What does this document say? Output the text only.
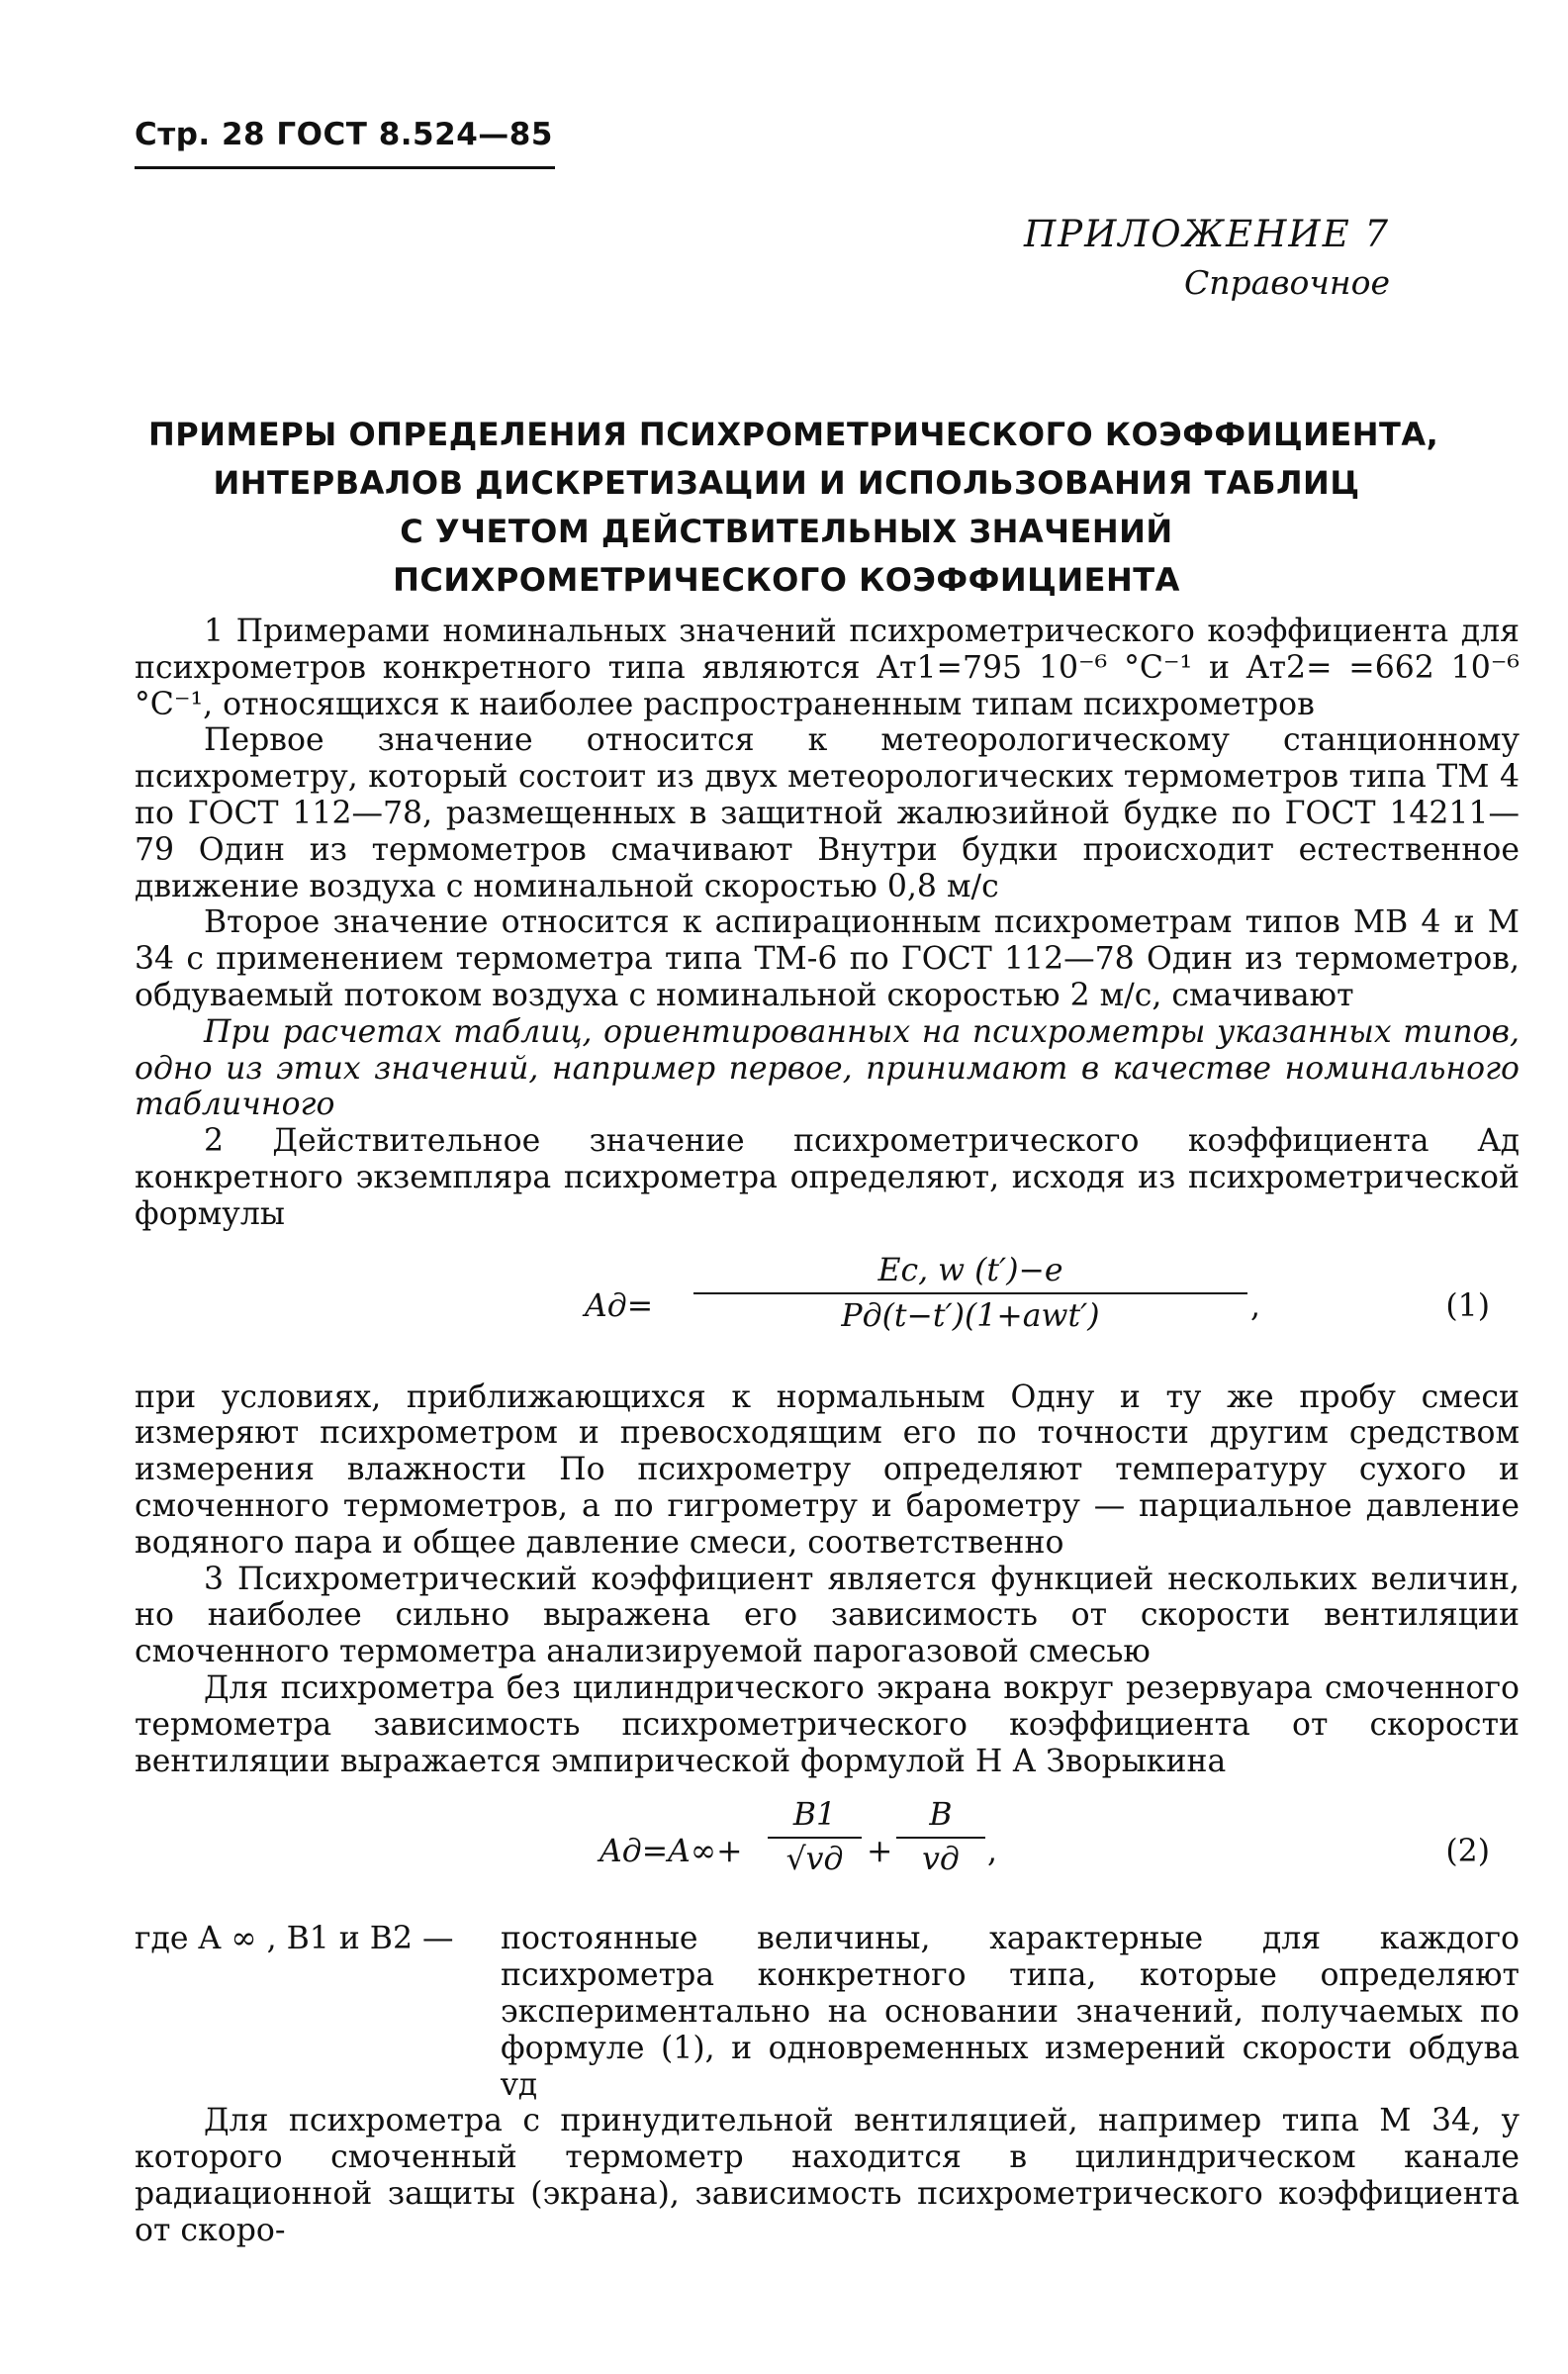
Стр. 28 ГОСТ 8.524—85
ПРИЛОЖЕНИЕ 7
Справочное
ПРИМЕРЫ ОПРЕДЕЛЕНИЯ ПСИХРОМЕТРИЧЕСКОГО КОЭФФИЦИЕНТА,
ИНТЕРВАЛОВ ДИСКРЕТИЗАЦИИ И ИСПОЛЬЗОВАНИЯ ТАБЛИЦ
С УЧЕТОМ ДЕЙСТВИТЕЛЬНЫХ ЗНАЧЕНИЙ
ПСИХРОМЕТРИЧЕСКОГО КОЭФФИЦИЕНТА

1 Примерами номинальных значений психрометрического коэффициента для психрометров конкретного типа являются Aт1=795 10⁻⁶ °C⁻¹ и Aт2= =662 10⁻⁶ °C⁻¹, относящихся к наиболее распространенным типам психрометров

Первое значение относится к метеорологическому станционному психрометру, который состоит из двух метеорологических термометров типа ТМ 4 по ГОСТ 112—78, размещенных в защитной жалюзийной будке по ГОСТ 14211—79 Один из термометров смачивают Внутри будки происходит естественное движение воздуха с номинальной скоростью 0,8 м/с

Второе значение относится к аспирационным психрометрам типов МВ 4 и М 34 с применением термометра типа ТМ-6 по ГОСТ 112—78 Один из термометров, обдуваемый потоком воздуха с номинальной скоростью 2 м/с, смачивают

При расчетах таблиц, ориентированных на психрометры указанных типов, одно из этих значений, например первое, принимают в качестве номинального табличного

2 Действительное значение психрометрического коэффициента Aд конкретного экземпляра психрометра определяют, исходя из психрометрической формулы

Aд=
Eс, w (t′)−e
Pд(t−t′)(1+awt′)	,	(1)

при условиях, приближающихся к нормальным Одну и ту же пробу смеси измеряют психрометром и превосходящим его по точности другим средством измерения влажности По психрометру определяют температуру сухого и смоченного термометров, а по гигрометру и барометру — парциальное давление водяного пара и общее давление смеси, соответственно

3 Психрометрический коэффициент является функцией нескольких величин, но наиболее сильно выражена его зависимость от скорости вентиляции смоченного термометра анализируемой парогазовой смесью

Для психрометра без цилиндрического экрана вокруг резервуара смоченного термометра зависимость психрометрического коэффициента от скорости вентиляции выражается эмпирической формулой Н А Зворыкина

Aд=A∞+
B1
√vд +
B
vд ,	(2)
где A ∞ , B1 и B2 —	постоянные величины, характерные для каждого психрометра конкретного типа, которые определяют экспериментально на основании значений, получаемых по формуле (1), и одновременных измерений скорости обдува vд

Для психрометра с принудительной вентиляцией, например типа М 34, у которого смоченный термометр находится в цилиндрическом канале радиационной защиты (экрана), зависимость психрометрического коэффициента от скоро-
